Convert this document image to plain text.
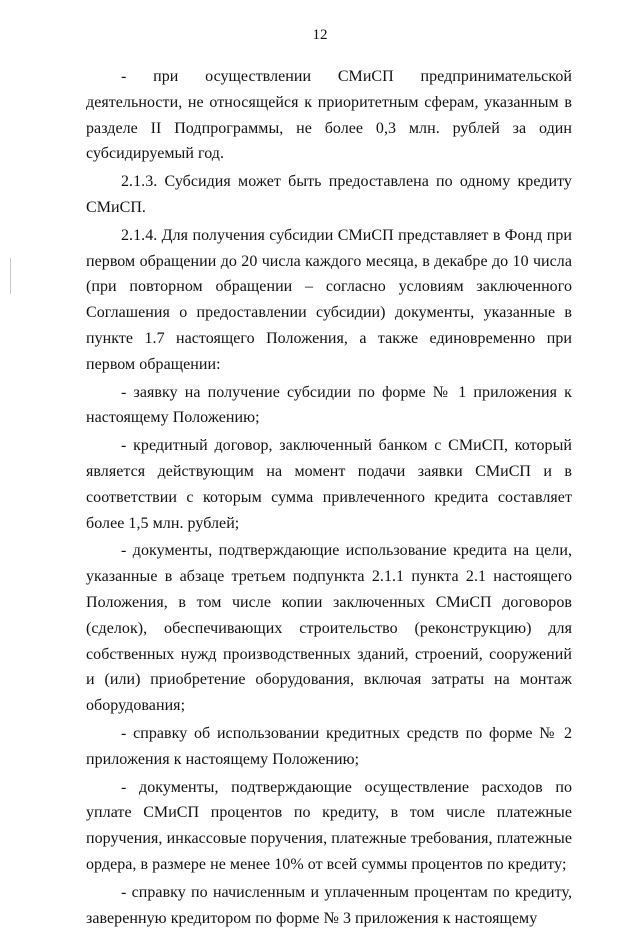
12

- при осуществлении СМиСП предпринимательской деятельности, не относящейся к приоритетным сферам, указанным в разделе II Подпрограммы, не более 0,3 млн. рублей за один субсидируемый год.

2.1.3. Субсидия может быть предоставлена по одному кредиту СМиСП.

2.1.4. Для получения субсидии СМиСП представляет в Фонд при первом обращении до 20 числа каждого месяца, в декабре до 10 числа (при повторном обращении – согласно условиям заключенного Соглашения о предоставлении субсидии) документы, указанные в пункте 1.7 настоящего Положения, а также единовременно при первом обращении:

- заявку на получение субсидии по форме № 1 приложения к настоящему Положению;

- кредитный договор, заключенный банком с СМиСП, который является действующим на момент подачи заявки СМиСП и в соответствии с которым сумма привлеченного кредита составляет более 1,5 млн. рублей;

- документы, подтверждающие использование кредита на цели, указанные в абзаце третьем подпункта 2.1.1 пункта 2.1 настоящего Положения, в том числе копии заключенных СМиСП договоров (сделок), обеспечивающих строительство (реконструкцию) для собственных нужд производственных зданий, строений, сооружений и (или) приобретение оборудования, включая затраты на монтаж оборудования;

- справку об использовании кредитных средств по форме № 2 приложения к настоящему Положению;

- документы, подтверждающие осуществление расходов по уплате СМиСП процентов по кредиту, в том числе платежные поручения, инкассовые поручения, платежные требования, платежные ордера, в размере не менее 10% от всей суммы процентов по кредиту;

- справку по начисленным и уплаченным процентам по кредиту, заверенную кредитором по форме № 3 приложения к настоящему
